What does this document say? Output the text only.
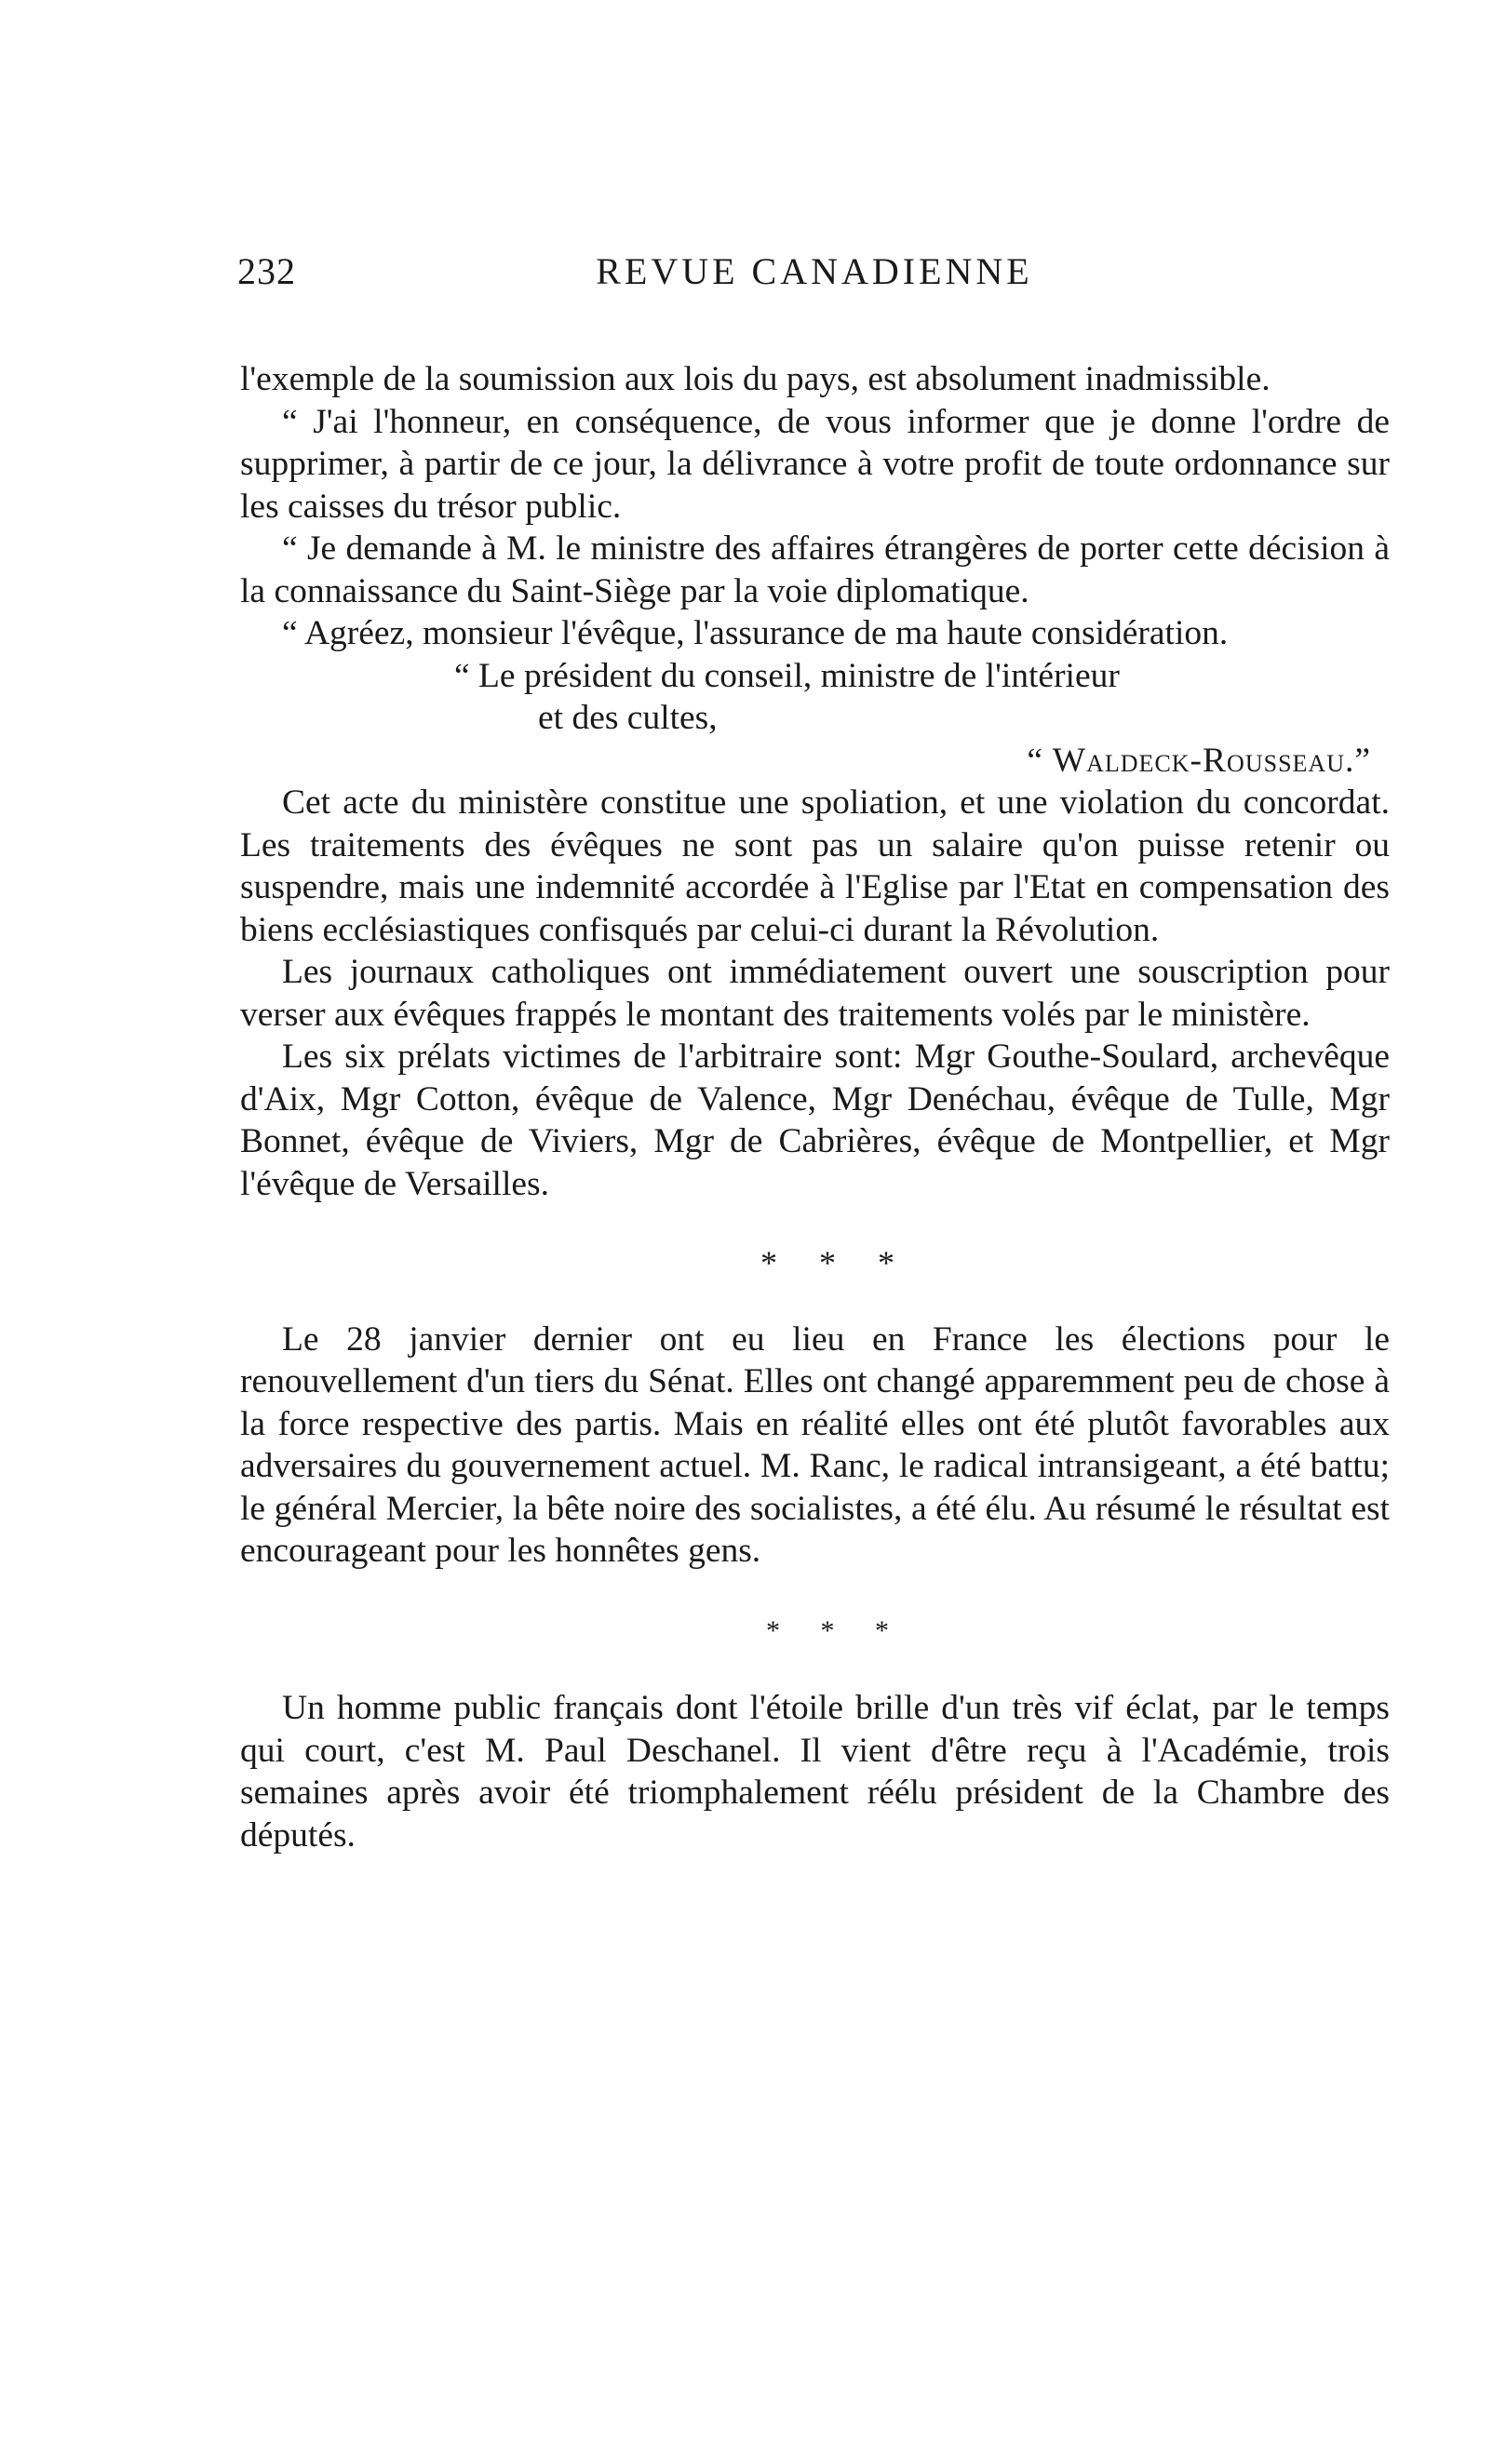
232	REVUE CANADIENNE

l'exemple de la soumission aux lois du pays, est absolument inadmissible.

“ J'ai l'honneur, en conséquence, de vous informer que je donne l'ordre de supprimer, à partir de ce jour, la délivrance à votre profit de toute ordonnance sur les caisses du trésor public.

“ Je demande à M. le ministre des affaires étrangères de porter cette décision à la connaissance du Saint-Siège par la voie diplomatique.

“ Agréez, monsieur l'évêque, l'assurance de ma haute considération.

“ Le président du conseil, ministre de l'intérieur

et des cultes,

“ Waldeck-Rousseau.”

Cet acte du ministère constitue une spoliation, et une violation du concordat. Les traitements des évêques ne sont pas un salaire qu'on puisse retenir ou suspendre, mais une indemnité accordée à l'Eglise par l'Etat en compensation des biens ecclésiastiques confisqués par celui-ci durant la Révolution.

Les journaux catholiques ont immédiatement ouvert une souscription pour verser aux évêques frappés le montant des traitements volés par le ministère.

Les six prélats victimes de l'arbitraire sont: Mgr Gouthe-Soulard, archevêque d'Aix, Mgr Cotton, évêque de Valence, Mgr Denéchau, évêque de Tulle, Mgr Bonnet, évêque de Viviers, Mgr de Cabrières, évêque de Montpellier, et Mgr l'évêque de Versailles.

* * *

Le 28 janvier dernier ont eu lieu en France les élections pour le renouvellement d'un tiers du Sénat. Elles ont changé apparemment peu de chose à la force respective des partis. Mais en réalité elles ont été plutôt favorables aux adversaires du gouvernement actuel. M. Ranc, le radical intransigeant, a été battu; le général Mercier, la bête noire des socialistes, a été élu. Au résumé le résultat est encourageant pour les honnêtes gens.

* * *

Un homme public français dont l'étoile brille d'un très vif éclat, par le temps qui court, c'est M. Paul Deschanel. Il vient d'être reçu à l'Académie, trois semaines après avoir été triomphalement réélu président de la Chambre des députés.
